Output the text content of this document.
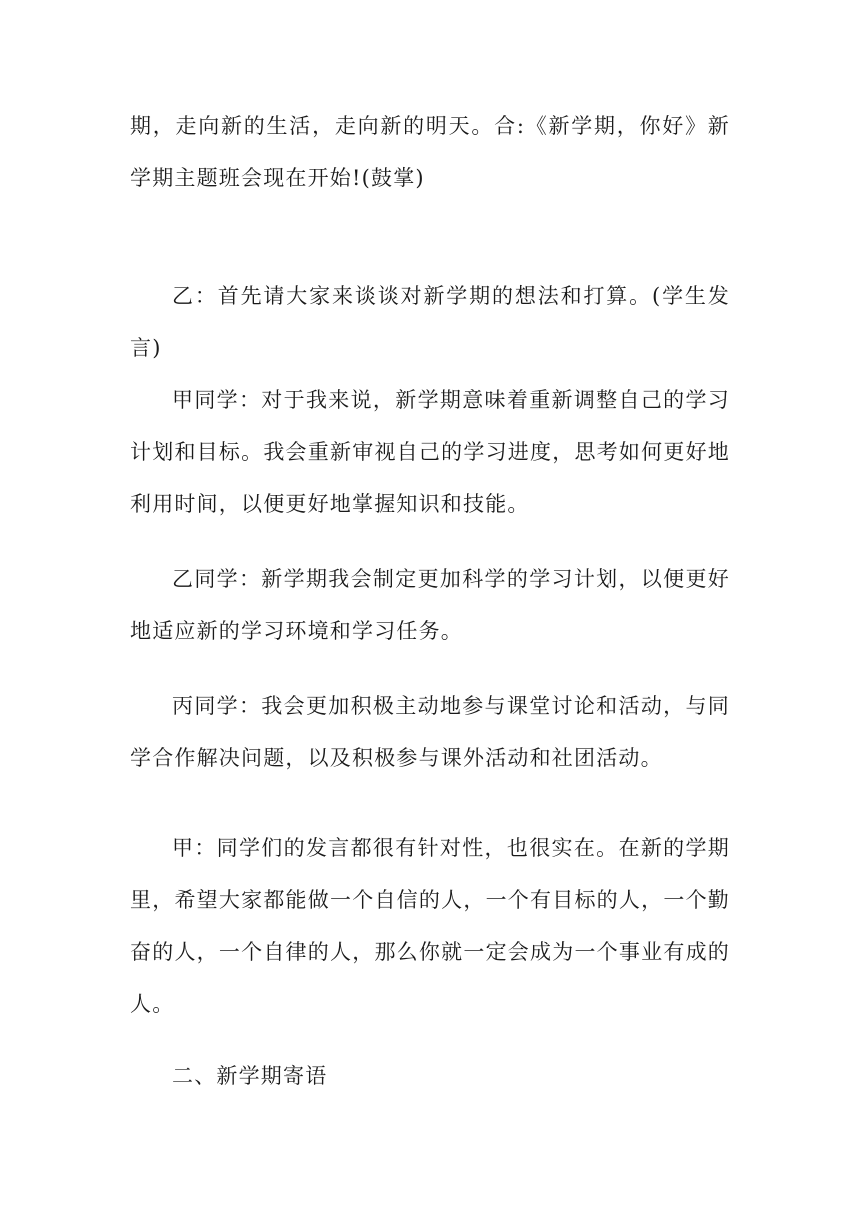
期，走向新的生活，走向新的明天。合:《新学期，你好》新学期主题班会现在开始!(鼓掌)

乙：首先请大家来谈谈对新学期的想法和打算。(学生发言)

甲同学：对于我来说，新学期意味着重新调整自己的学习计划和目标。我会重新审视自己的学习进度，思考如何更好地利用时间，以便更好地掌握知识和技能。

乙同学：新学期我会制定更加科学的学习计划，以便更好地适应新的学习环境和学习任务。

丙同学：我会更加积极主动地参与课堂讨论和活动，与同学合作解决问题，以及积极参与课外活动和社团活动。

甲：同学们的发言都很有针对性，也很实在。在新的学期里，希望大家都能做一个自信的人，一个有目标的人，一个勤奋的人，一个自律的人，那么你就一定会成为一个事业有成的人。

二、新学期寄语
